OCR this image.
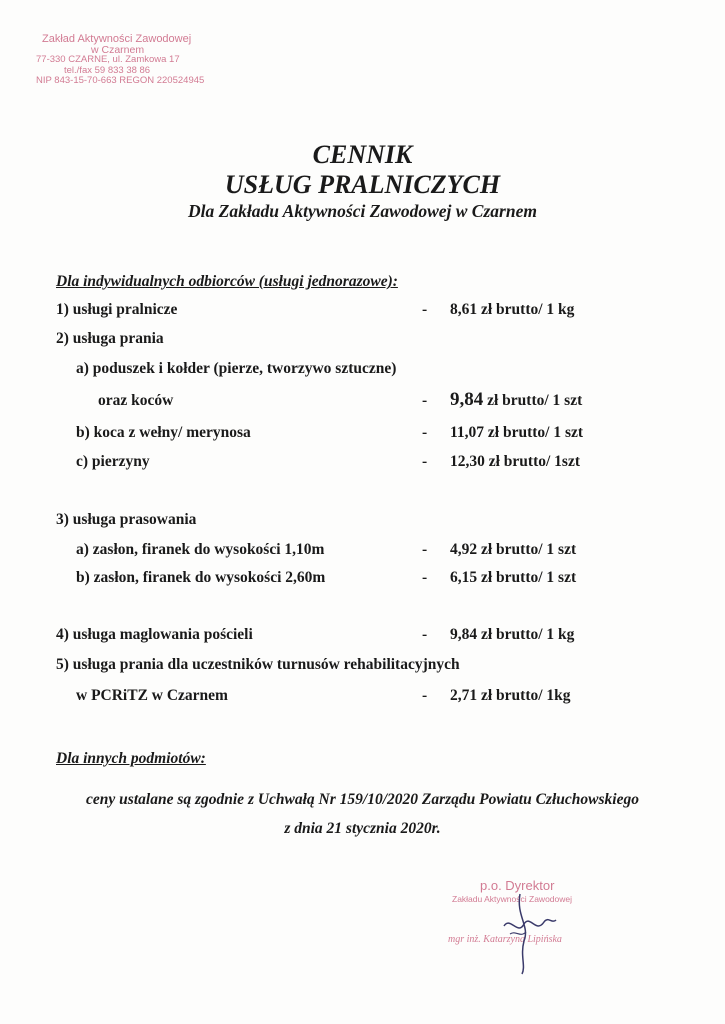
Zakład Aktywności Zawodowej
w Czarnem
77-330 CZARNE, ul. Zamkowa 17
tel./fax 59 833 38 86
NIP 843-15-70-663 REGON 220524945
CENNIK
USŁUG PRALNICZYCH
Dla Zakładu Aktywności Zawodowej w Czarnem
Dla indywidualnych odbiorców (usługi jednorazowe):
1) usługi pralnicze	- 8,61 zł brutto/ 1 kg
2) usługa prania
a) poduszek i kołder (pierze, tworzywo sztuczne)
oraz koców	- 9,84 zł brutto/ 1 szt
b) koca z wełny/ merynosa	- 11,07 zł brutto/ 1 szt
c) pierzyny	- 12,30 zł brutto/ 1szt
3) usługa prasowania
a) zasłon, firanek do wysokości 1,10m	- 4,92 zł brutto/ 1 szt
b) zasłon, firanek do wysokości 2,60m	- 6,15 zł brutto/ 1 szt
4) usługa maglowania pościeli	- 9,84 zł brutto/ 1 kg
5) usługa prania dla uczestników turnusów rehabilitacyjnych
w PCRiTZ w Czarnem	- 2,71 zł brutto/ 1kg
Dla innych podmiotów:
ceny ustalane są zgodnie z Uchwałą Nr 159/10/2020 Zarządu Powiatu Człuchowskiego
z dnia 21 stycznia 2020r.
p.o. Dyrektor
Zakładu Aktywności Zawodowej
mgr inż. Katarzyna Lipińska
